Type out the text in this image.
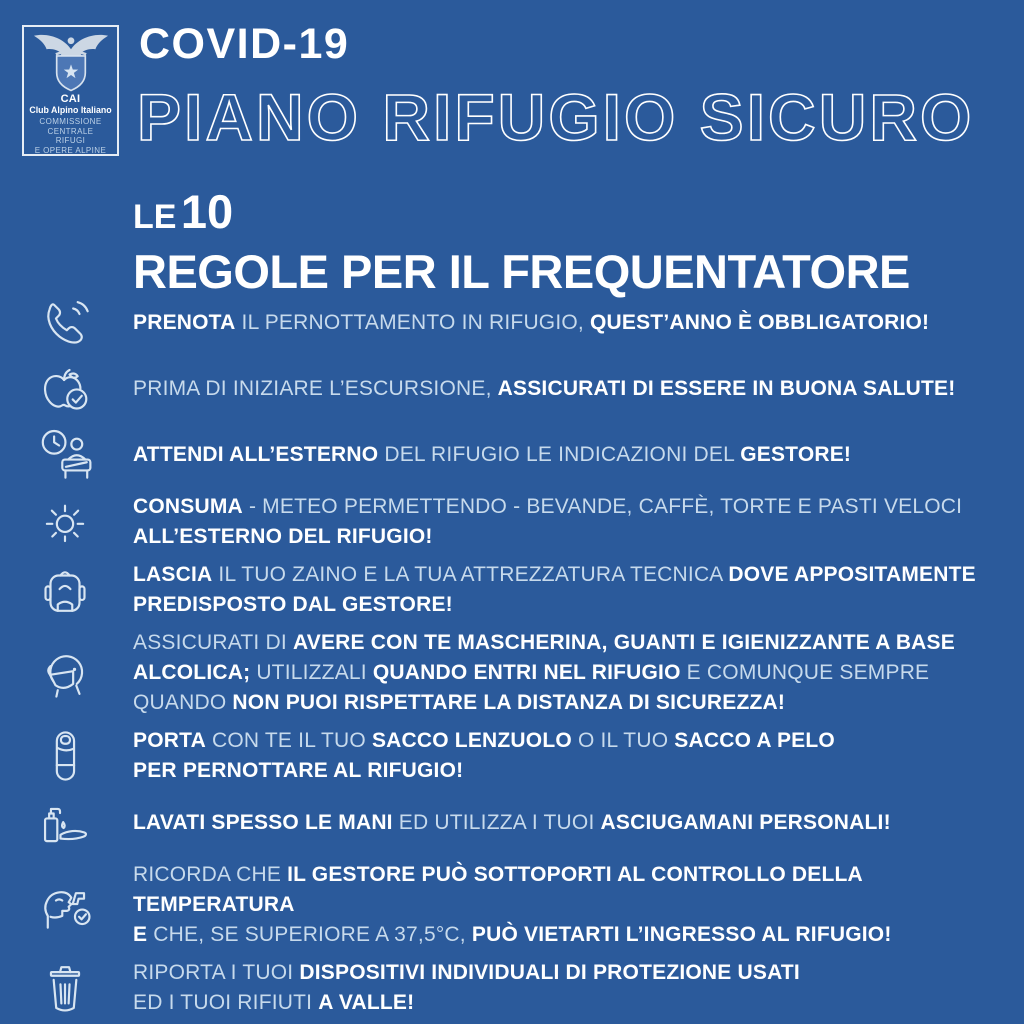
CAI
Club Alpino Italiano
COMMISSIONE
CENTRALE
RIFUGI
E OPERE ALPINE
COVID-19
PIANO RIFUGIO SICURO
LE 10
REGOLE PER IL FREQUENTATORE

PRENOTA IL PERNOTTAMENTO IN RIFUGIO, QUEST’ANNO È OBBLIGATORIO!

PRIMA DI INIZIARE L’ESCURSIONE, ASSICURATI DI ESSERE IN BUONA SALUTE!

ATTENDI ALL’ESTERNO DEL RIFUGIO LE INDICAZIONI DEL GESTORE!

CONSUMA - METEO PERMETTENDO - BEVANDE, CAFFÈ, TORTE E PASTI VELOCI
ALL’ESTERNO DEL RIFUGIO!

LASCIA IL TUO ZAINO E LA TUA ATTREZZATURA TECNICA DOVE APPOSITAMENTE
PREDISPOSTO DAL GESTORE!

ASSICURATI DI AVERE CON TE MASCHERINA, GUANTI E IGIENIZZANTE A BASE
ALCOLICA; UTILIZZALI QUANDO ENTRI NEL RIFUGIO E COMUNQUE SEMPRE
QUANDO NON PUOI RISPETTARE LA DISTANZA DI SICUREZZA!

PORTA CON TE IL TUO SACCO LENZUOLO O IL TUO SACCO A PELO
PER PERNOTTARE AL RIFUGIO!

LAVATI SPESSO LE MANI ED UTILIZZA I TUOI ASCIUGAMANI PERSONALI!

RICORDA CHE IL GESTORE PUÒ SOTTOPORTI AL CONTROLLO DELLA TEMPERATURA
E CHE, SE SUPERIORE A 37,5°C, PUÒ VIETARTI L’INGRESSO AL RIFUGIO!

RIPORTA I TUOI DISPOSITIVI INDIVIDUALI DI PROTEZIONE USATI
ED I TUOI RIFIUTI A VALLE!
